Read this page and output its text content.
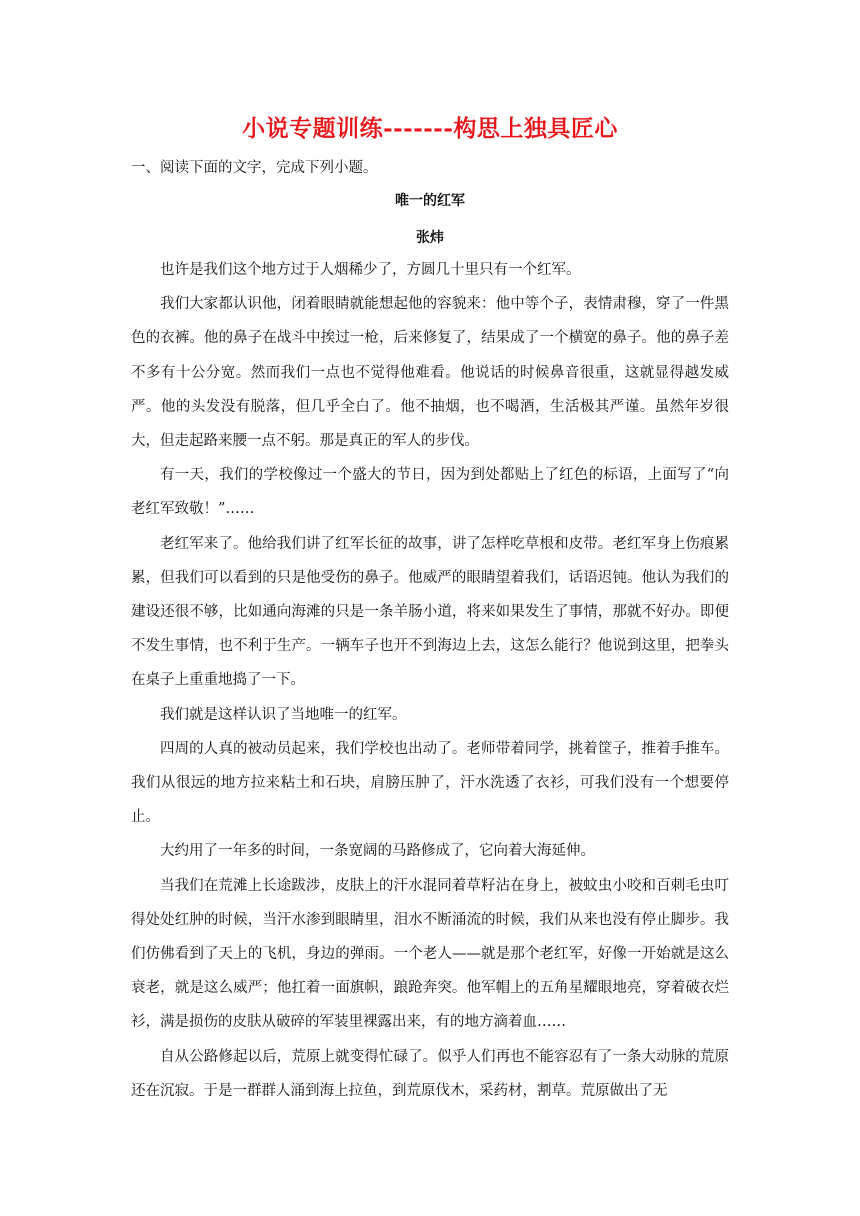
小说专题训练-------构思上独具匠心
一、阅读下面的文字，完成下列小题。
唯一的红军
张炜

也许是我们这个地方过于人烟稀少了，方圆几十里只有一个红军。

我们大家都认识他，闭着眼睛就能想起他的容貌来：他中等个子，表情肃穆，穿了一件黑色的衣裤。他的鼻子在战斗中挨过一枪，后来修复了，结果成了一个横宽的鼻子。他的鼻子差不多有十公分宽。然而我们一点也不觉得他难看。他说话的时候鼻音很重，这就显得越发威严。他的头发没有脱落，但几乎全白了。他不抽烟，也不喝酒，生活极其严谨。虽然年岁很大，但走起路来腰一点不躬。那是真正的军人的步伐。

有一天，我们的学校像过一个盛大的节日，因为到处都贴上了红色的标语，上面写了“向老红军致敬！”……

老红军来了。他给我们讲了红军长征的故事，讲了怎样吃草根和皮带。老红军身上伤痕累累，但我们可以看到的只是他受伤的鼻子。他威严的眼睛望着我们，话语迟钝。他认为我们的建设还很不够，比如通向海滩的只是一条羊肠小道，将来如果发生了事情，那就不好办。即便不发生事情，也不利于生产。一辆车子也开不到海边上去，这怎么能行？他说到这里，把拳头在桌子上重重地捣了一下。

我们就是这样认识了当地唯一的红军。

四周的人真的被动员起来，我们学校也出动了。老师带着同学，挑着筐子，推着手推车。我们从很远的地方拉来粘土和石块，肩膀压肿了，汗水洗透了衣衫，可我们没有一个想要停止。

大约用了一年多的时间，一条宽阔的马路修成了，它向着大海延伸。

当我们在荒滩上长途跋涉，皮肤上的汗水混同着草籽沾在身上，被蚊虫小咬和百刺毛虫叮得处处红肿的时候，当汗水渗到眼睛里，泪水不断涌流的时候，我们从来也没有停止脚步。我们仿佛看到了天上的飞机，身边的弹雨。一个老人——就是那个老红军，好像一开始就是这么衰老，就是这么威严；他扛着一面旗帜，踉跄奔突。他军帽上的五角星耀眼地亮，穿着破衣烂衫，满是损伤的皮肤从破碎的军装里裸露出来，有的地方滴着血……

自从公路修起以后，荒原上就变得忙碌了。似乎人们再也不能容忍有了一条大动脉的荒原还在沉寂。于是一群群人涌到海上拉鱼，到荒原伐木，采药材，割草。荒原做出了无
